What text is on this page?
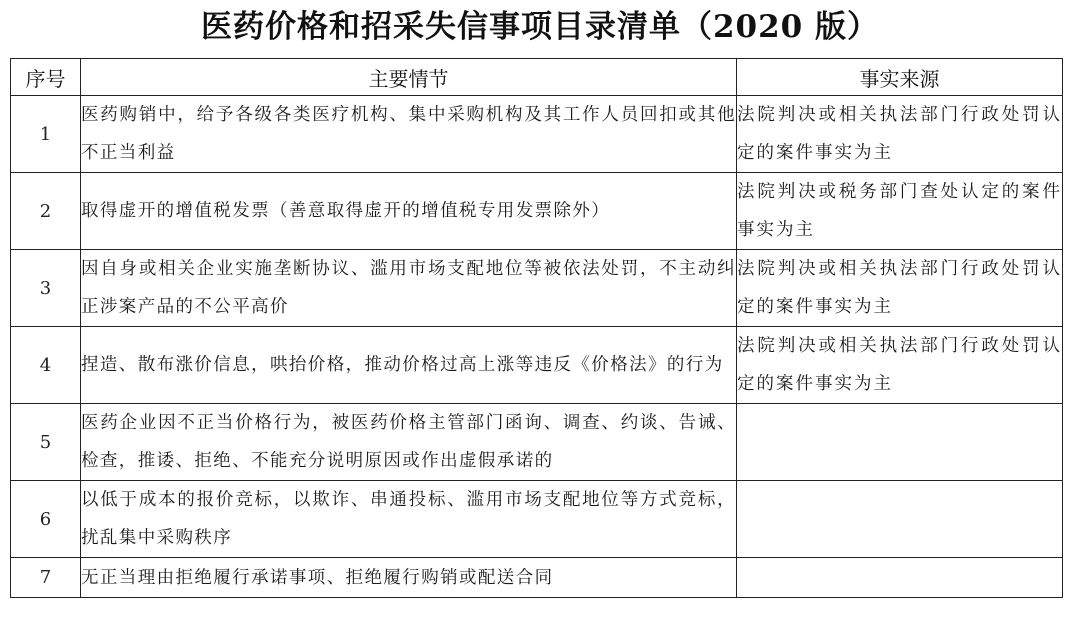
医药价格和招采失信事项目录清单（2020 版）
序号	主要情节	事实来源
1	医药购销中，给予各级各类医疗机构、集中采购机构及其工作人员回扣或其他不正当利益	法院判决或相关执法部门行政处罚认定的案件事实为主
2	取得虚开的增值税发票（善意取得虚开的增值税专用发票除外）	法院判决或税务部门查处认定的案件事实为主
3	因自身或相关企业实施垄断协议、滥用市场支配地位等被依法处罚，不主动纠正涉案产品的不公平高价	法院判决或相关执法部门行政处罚认定的案件事实为主
4	捏造、散布涨价信息，哄抬价格，推动价格过高上涨等违反《价格法》的行为	法院判决或相关执法部门行政处罚认定的案件事实为主
5	医药企业因不正当价格行为，被医药价格主管部门函询、调查、约谈、告诫、检查，推诿、拒绝、不能充分说明原因或作出虚假承诺的	
6	以低于成本的报价竞标，以欺诈、串通投标、滥用市场支配地位等方式竞标，扰乱集中采购秩序	
7	无正当理由拒绝履行承诺事项、拒绝履行购销或配送合同	
